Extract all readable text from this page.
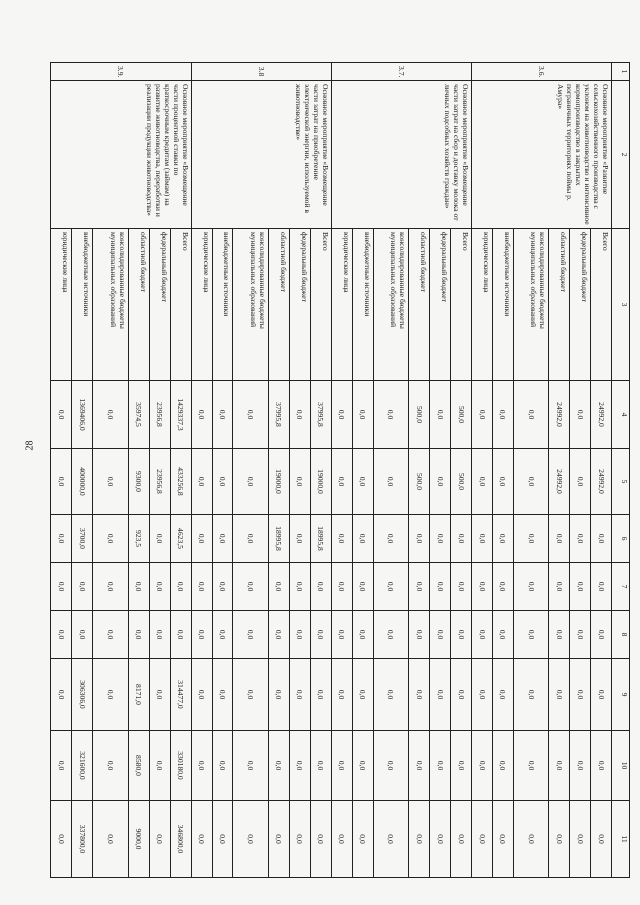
28
1	2	3	4	5	6	7	8	9	10	11
3.6.	Основное мероприятие «Развитие сельскохозяйственного производства с уклоном на животноводство и интенсивное кормопроизводство в закрытых пограничных территориях поймы р. Амура»	Всего	24992,0	24992,0	0,0	0,0	0,0	0,0	0,0	0,0
		федеральный бюджет	0,0	0,0	0,0	0,0	0,0	0,0	0,0	0,0
		областной бюджет	24992,0	24992,0	0,0	0,0	0,0	0,0	0,0	0,0
		консолидированные бюджеты муниципальных образований	0,0	0,0	0,0	0,0	0,0	0,0	0,0	0,0
		внебюджетные источники	0,0	0,0	0,0	0,0	0,0	0,0	0,0	0,0
		юридические лица	0,0	0,0	0,0	0,0	0,0	0,0	0,0	0,0
3.7.	Основное мероприятие «Возмещение части затрат на сбор и доставку молока от личных подсобных хозяйств граждан»	Всего	500,0	500,0	0,0	0,0	0,0	0,0	0,0	0,0
		федеральный бюджет	0,0	0,0	0,0	0,0	0,0	0,0	0,0	0,0
		областной бюджет	500,0	500,0	0,0	0,0	0,0	0,0	0,0	0,0
		консолидированные бюджеты муниципальных образований	0,0	0,0	0,0	0,0	0,0	0,0	0,0	0,0
		внебюджетные источники	0,0	0,0	0,0	0,0	0,0	0,0	0,0	0,0
		юридические лица	0,0	0,0	0,0	0,0	0,0	0,0	0,0	0,0
3.8	Основное мероприятие «Возмещение части затрат на приобретение электрической энергии, используемой в животноводстве»	Всего	37995,8	19000,0	18995,8	0,0	0,0	0,0	0,0	0,0
		федеральный бюджет	0,0	0,0	0,0	0,0	0,0	0,0	0,0	0,0
		областной бюджет	37995,8	19000,0	18995,8	0,0	0,0	0,0	0,0	0,0
		консолидированные бюджеты муниципальных образований	0,0	0,0	0,0	0,0	0,0	0,0	0,0	0,0
		внебюджетные источники	0,0	0,0	0,0	0,0	0,0	0,0	0,0	0,0
		юридические лица	0,0	0,0	0,0	0,0	0,0	0,0	0,0	0,0
3.9.	Основное мероприятие «Возмещение части процентной ставки по краткосрочным кредитам (займам) на развитие животноводства, переработки и реализации продукции животноводства»	Всего	1429337,3	433256,8	4623,5	0,0	0,0	314477,0	330180,0	346800,0
		федеральный бюджет	23956,8	23956,8	0,0	0,0	0,0	0,0	0,0	0,0
		областной бюджет	35974,5	9300,0	923,5	0,0	0,0	8171,0	8580,0	9000,0
		консолидированные бюджеты муниципальных образований	0,0	0,0	0,0	0,0	0,0	0,0	0,0	0,0
		внебюджетные источники	1369406,0	400000,0	3700,0	0,0	0,0	306306,0	321600,0	337800,0
		юридические лица	0,0	0,0	0,0	0,0	0,0	0,0	0,0	0,0
